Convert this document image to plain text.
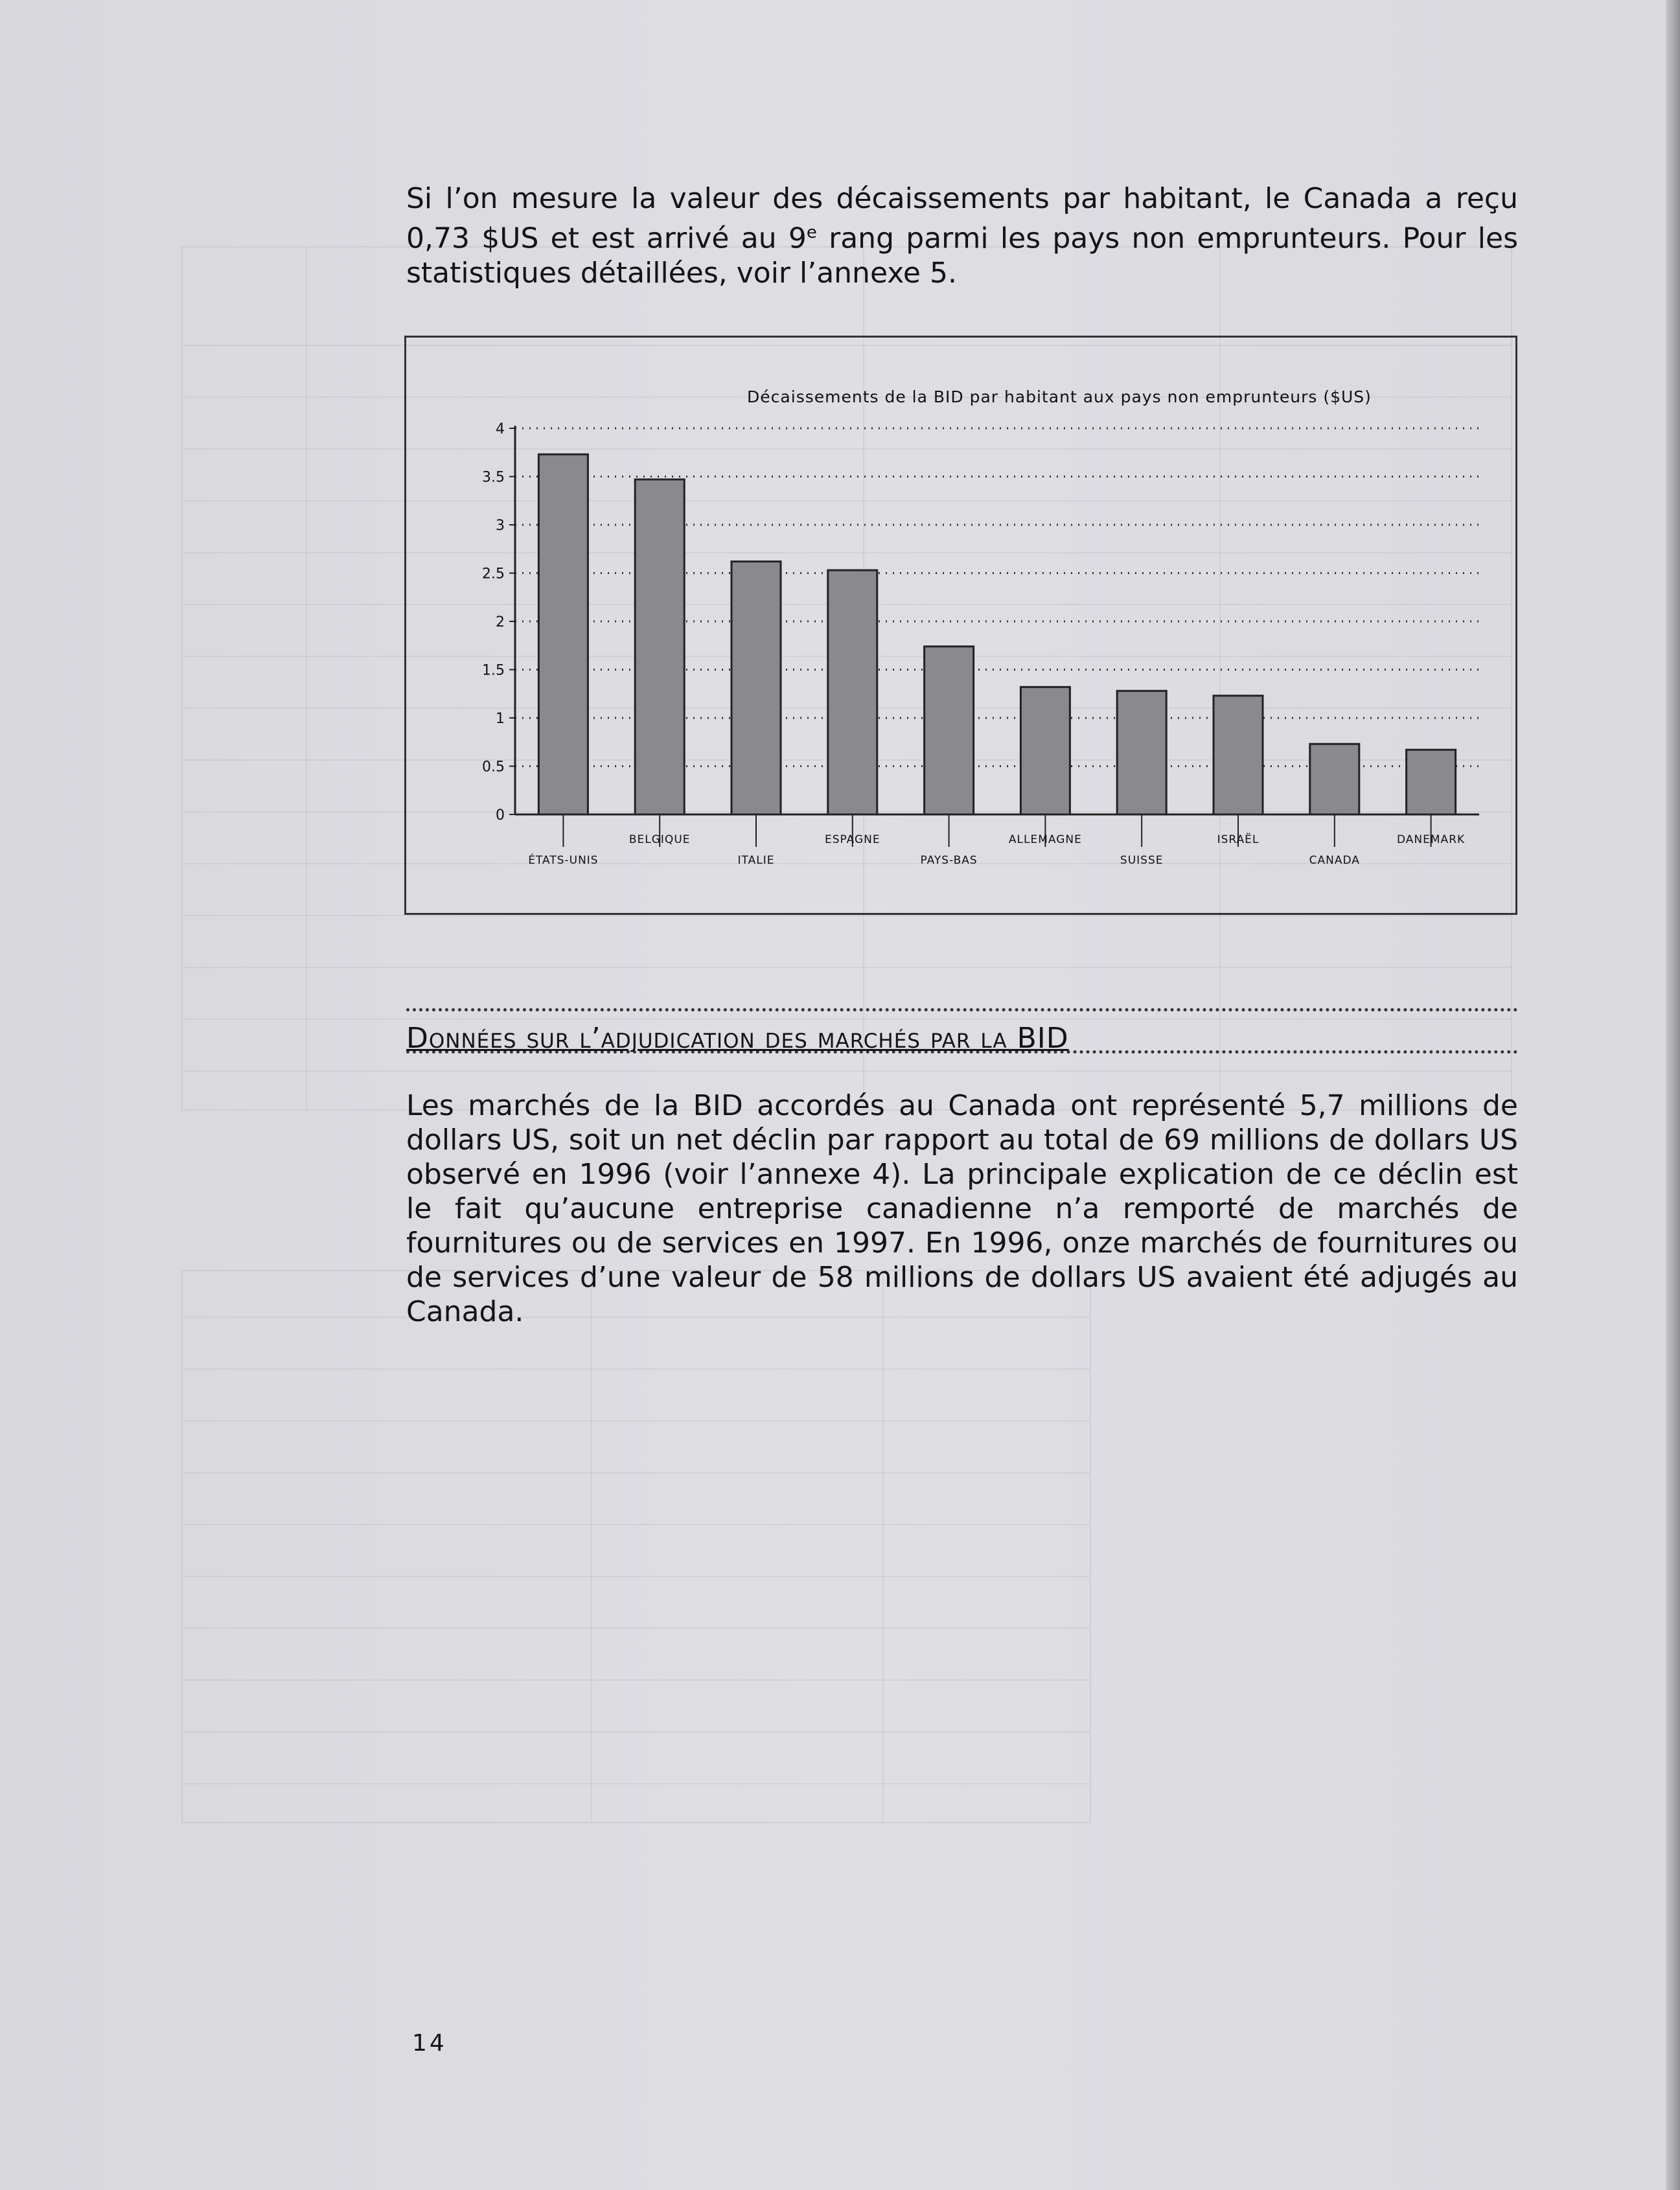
Si l’on mesure la valeur des décaissements par habitant, le Canada a reçu 0,73 $US et est arrivé au 9e rang parmi les pays non emprunteurs. Pour les statistiques détaillées, voir l’annexe 5.

Décaissements de la BID par habitant aux pays non emprunteurs ($US)
0
0.5
1
1.5
2
2.5
3
3.5
4
ÉTATS-UNIS
BELGIQUE
ITALIE
ESPAGNE
PAYS-BAS
ALLEMAGNE
SUISSE
ISRAËL
CANADA
DANEMARK
Données sur l’adjudication des marchés par la BID

Les marchés de la BID accordés au Canada ont représenté 5,7 millions de dollars US, soit un net déclin par rapport au total de 69 millions de dollars US observé en 1996 (voir l’annexe 4). La principale explication de ce déclin est le fait qu’aucune entreprise canadienne n’a remporté de marchés de fournitures ou de services en 1997. En 1996, onze marchés de fournitures ou de services d’une valeur de 58 millions de dollars US avaient été adjugés au Canada.

14
